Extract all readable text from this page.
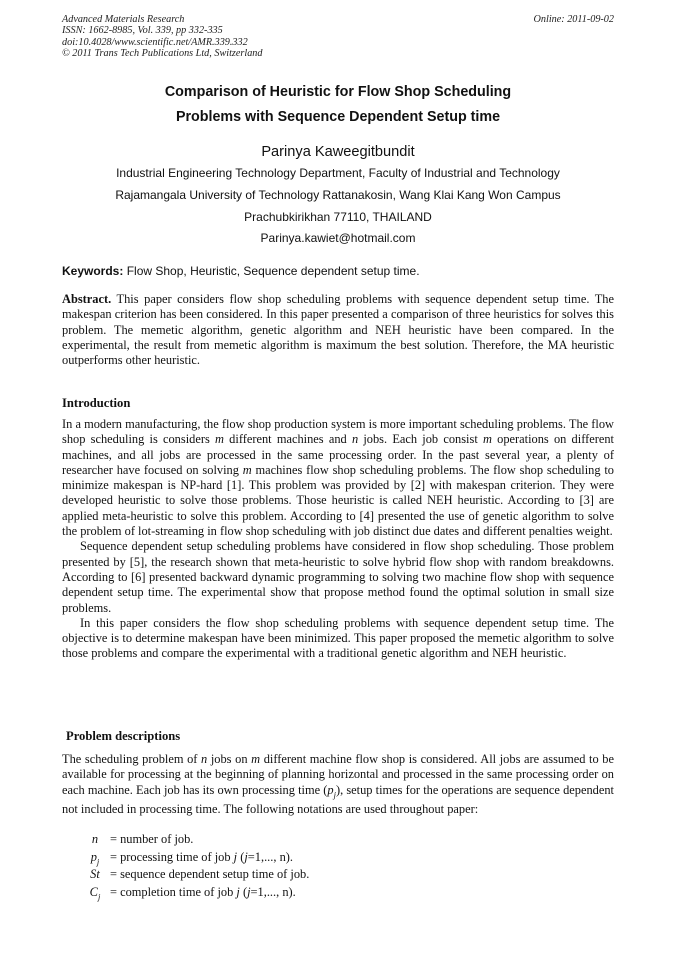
Advanced Materials Research
ISSN: 1662-8985, Vol. 339, pp 332-335
doi:10.4028/www.scientific.net/AMR.339.332
© 2011 Trans Tech Publications Ltd, Switzerland
Online: 2011-09-02
Comparison of Heuristic for Flow Shop Scheduling
Problems with Sequence Dependent Setup time
Parinya Kaweegitbundit
Industrial Engineering Technology Department, Faculty of Industrial and Technology
Rajamangala University of Technology Rattanakosin, Wang Klai Kang Won Campus
Prachubkirikhan 77110, THAILAND
Parinya.kawiet@hotmail.com
Keywords: Flow Shop, Heuristic, Sequence dependent setup time.

Abstract. This paper considers flow shop scheduling problems with sequence dependent setup time. The makespan criterion has been considered. In this paper presented a comparison of three heuristics for solves this problem. The memetic algorithm, genetic algorithm and NEH heuristic have been compared. In the experimental, the result from memetic algorithm is maximum the best solution. Therefore, the MA heuristic outperforms other heuristic.

Introduction

In a modern manufacturing, the flow shop production system is more important scheduling problems. The flow shop scheduling is considers m different machines and n jobs. Each job consist m operations on different machines, and all jobs are processed in the same processing order. In the past several year, a plenty of researcher have focused on solving m machines flow shop scheduling problems. The flow shop scheduling to minimize makespan is NP-hard [1]. This problem was provided by [2] with makespan criterion. They were developed heuristic to solve those problems. Those heuristic is called NEH heuristic. According to [3] are applied meta-heuristic to solve this problem. According to [4] presented the use of genetic algorithm to solve the problem of lot-streaming in flow shop scheduling with job distinct due dates and different penalties weight.

Sequence dependent setup scheduling problems have considered in flow shop scheduling. Those problem presented by [5], the research shown that meta-heuristic to solve hybrid flow shop with random breakdowns. According to [6] presented backward dynamic programming to solving two machine flow shop with sequence dependent setup time. The experimental show that propose method found the optimal solution in small size problems.

In this paper considers the flow shop scheduling problems with sequence dependent setup time. The objective is to determine makespan have been minimized. This paper proposed the memetic algorithm to solve those problems and compare the experimental with a traditional genetic algorithm and NEH heuristic.

Problem descriptions

The scheduling problem of n jobs on m different machine flow shop is considered. All jobs are assumed to be available for processing at the beginning of planning horizontal and processed in the same processing order on each machine. Each job has its own processing time $(p_j)$, setup times for the operations are sequence dependent not included in processing time. The following notations are used throughout paper:

n = number of job.
$p_j$ = processing time of job j (j=1,..., n).
St = sequence dependent setup time of job.
$C_j$ = completion time of job j (j=1,..., n).
